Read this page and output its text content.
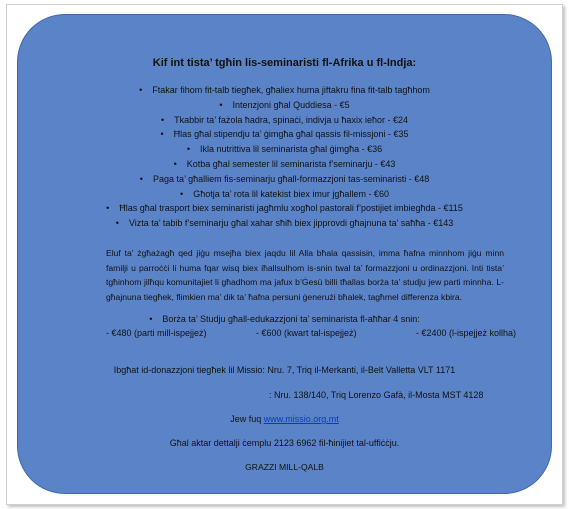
Kif int tista’ tgħin lis-seminaristi fl-Afrika u fl-Indja:
• Ftakar fihom fit-talb tiegħek, għaliex huma jiftakru fina fit-talb tagħhom
• Intenzjoni għal Quddiesa - €5
• Tkabbir ta’ fażola ħadra, spinaċi, indivja u ħaxix ieħor - €24
• Ħlas għal stipendju ta’ ġimgħa għal qassis fil-missjoni - €35
• Ikla nutrittiva lil seminarista għal ġimgħa - €36
• Kotba għal semester lil seminarista f’seminarju - €43
• Paga ta’ għalliem fis-seminarju għall-formazzjoni tas-seminaristi - €48
• Għotja ta’ rota lil katekist biex imur jgħallem - €60
• Ħlas għal trasport biex seminaristi jagħmlu xogħol pastorali f’postijiet imbiegħda - €115
• Vizta ta’ tabib f’seminarju għal xahar sħiħ biex jipprovdi għajnuna ta’ saħħa - €143
Eluf ta’ żgħażagħ qed jiġu msejħa biex jaqdu lil Alla bħala qassisin, imma ħafna minnhom jiġu minn familji u parroċċi li huma fqar wisq biex iħallsulhom is-snin twal ta’ formazzjoni u ordinazzjoni. Inti tista’ tgħinhom jilħqu komunitajiet li għadhom ma jafux b’Ġesù billi tħallas borża ta’ studju jew parti minnha. L-għajnuna tiegħek, flimkien ma’ dik ta’ ħafna persuni ġenerużi bħalek, tagħmel differenza kbira.
• Borża ta’ Studju għall-edukazzjoni ta’ seminarista fl-aħħar 4 snin:
- €480 (parti mill-ispejjeż)	- €600 (kwart tal-ispejjeż)	- €2400 (l-ispejjeż kollha)
Ibgħat id-donazzjoni tiegħek lil Missio: Nru. 7, Triq il-Merkanti, il-Belt Valletta VLT 1171
: Nru. 138/140, Triq Lorenzo Gafà, il-Mosta MST 4128
Jew fuq www.missio.org.mt
Għal aktar dettalji ċemplu 2123 6962 fil-ħinijiet tal-uffiċċju.
GRAZZI MILL-QALB
